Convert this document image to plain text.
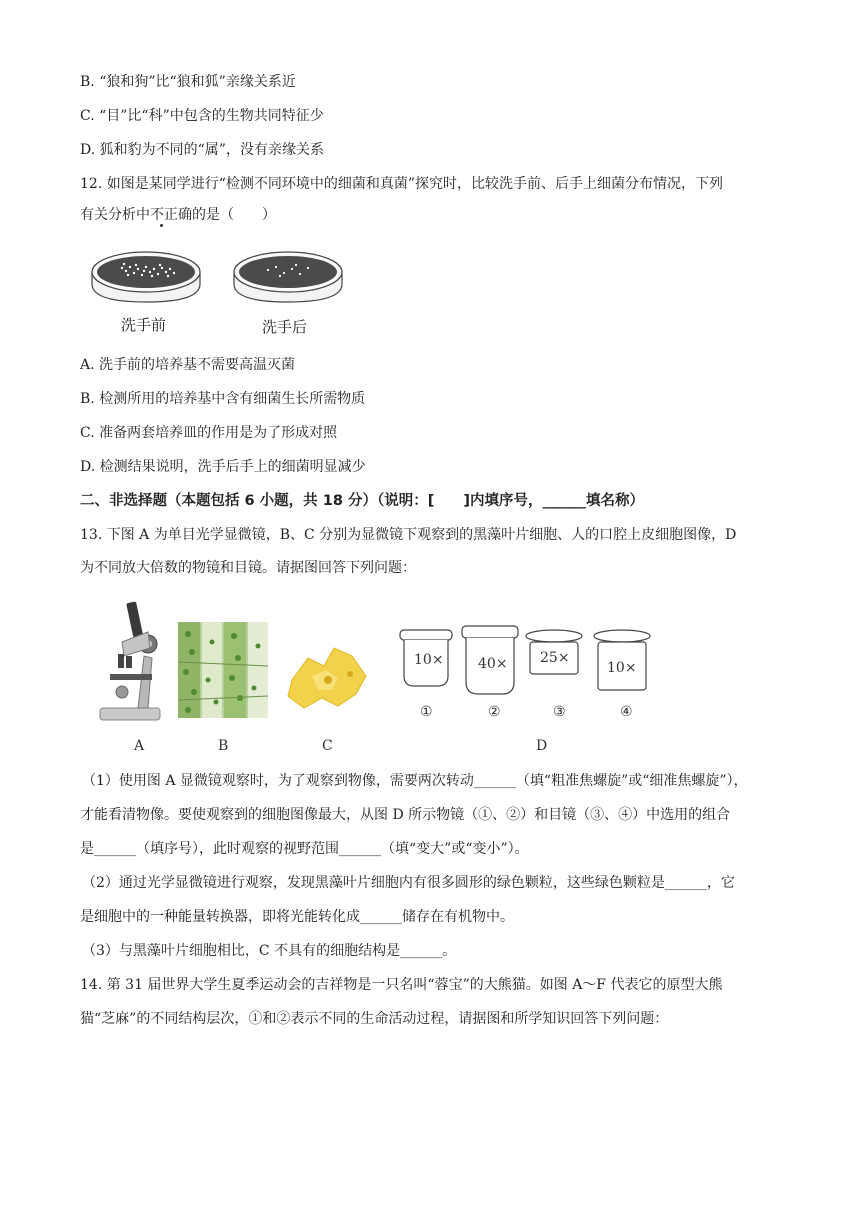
B. “狼和狗”比“狼和狐”亲缘关系近
C. “目”比“科”中包含的生物共同特征少
D. 狐和豹为不同的“属”，没有亲缘关系
12. 如图是某同学进行“检测不同环境中的细菌和真菌”探究时，比较洗手前、后手上细菌分布情况，下列
有关分析中不正确的是（　　）
洗手前	洗手后
A. 洗手前的培养基不需要高温灭菌
B. 检测所用的培养基中含有细菌生长所需物质
C. 准备两套培养皿的作用是为了形成对照
D. 检测结果说明，洗手后手上的细菌明显减少
二、非选择题（本题包括 6 小题，共 18 分）（说明：[　　]内填序号，______填名称）
13. 下图 A 为单目光学显微镜，B、C 分别为显微镜下观察到的黑藻叶片细胞、人的口腔上皮细胞图像，D
为不同放大倍数的物镜和目镜。请据图回答下列问题：
A	B	C
10× 40× 25×
10×
①	②	③	④
D
（1）使用图 A 显微镜观察时，为了观察到物像，需要两次转动______（填“粗准焦螺旋”或“细准焦螺旋”），
才能看清物像。要使观察到的细胞图像最大，从图 D 所示物镜（①、②）和目镜（③、④）中选用的组合
是______（填序号），此时观察的视野范围______（填“变大”或“变小”）。
（2）通过光学显微镜进行观察，发现黑藻叶片细胞内有很多圆形的绿色颗粒，这些绿色颗粒是______，它
是细胞中的一种能量转换器，即将光能转化成______储存在有机物中。
（3）与黑藻叶片细胞相比，C 不具有的细胞结构是______。
14. 第 31 届世界大学生夏季运动会的吉祥物是一只名叫“蓉宝”的大熊猫。如图 A～F 代表它的原型大熊
猫“芝麻”的不同结构层次，①和②表示不同的生命活动过程，请据图和所学知识回答下列问题：
